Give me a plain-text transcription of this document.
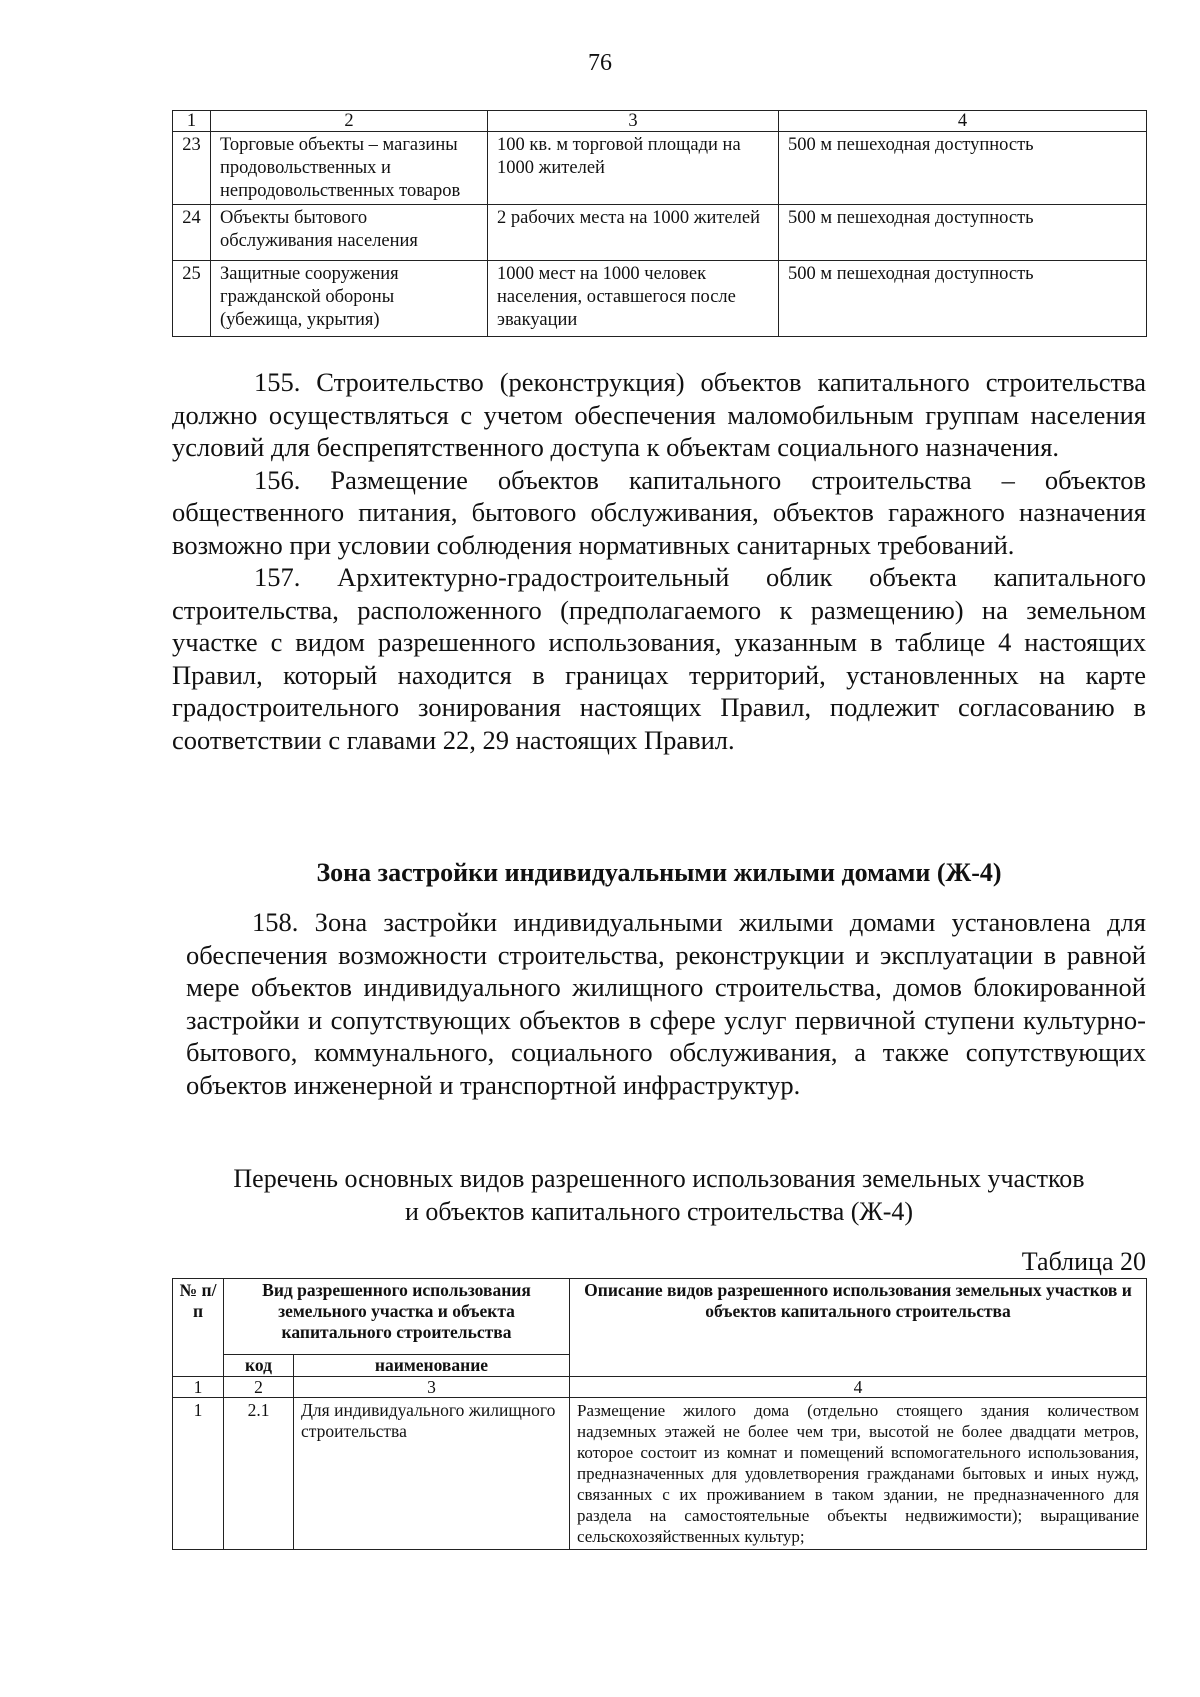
76
1	2	3	4
23	Торговые объекты – магазины продовольственных и непродовольственных товаров	100 кв. м торговой площади на 1000 жителей	500 м пешеходная доступность
24	Объекты бытового обслуживания населения	2 рабочих места на 1000 жителей	500 м пешеходная доступность
25	Защитные сооружения гражданской обороны (убежища, укрытия)	1000 мест на 1000 человек населения, оставшегося после эвакуации	500 м пешеходная доступность

155. Строительство (реконструкция) объектов капитального строительства должно осуществляться с учетом обеспечения маломобильным группам населения условий для беспрепятственного доступа к объектам социального назначения.

156. Размещение объектов капитального строительства – объектов общественного питания, бытового обслуживания, объектов гаражного назначения возможно при условии соблюдения нормативных санитарных требований.

157. Архитектурно-градостроительный облик объекта капитального строительства, расположенного (предполагаемого к размещению) на земельном участке с видом разрешенного использования, указанным в таблице 4 настоящих Правил, который находится в границах территорий, установленных на карте градостроительного зонирования настоящих Правил, подлежит согласованию в соответствии с главами 22, 29 настоящих Правил.

Зона застройки индивидуальными жилыми домами (Ж-4)

158. Зона застройки индивидуальными жилыми домами установлена для обеспечения возможности строительства, реконструкции и эксплуатации в равной мере объектов индивидуального жилищного строительства, домов блокированной застройки и сопутствующих объектов в сфере услуг первичной ступени культурно-бытового, коммунального, социального обслуживания, а также сопутствующих объектов инженерной и транспортной инфраструктур.

Перечень основных видов разрешенного использования земельных участков
и объектов капитального строительства (Ж-4)
Таблица 20
№ п/п	Вид разрешенного использования земельного участка и объекта капитального строительства		Описание видов разрешенного использования земельных участков и объектов капитального строительства
	код	наименование	
1	2	3	4
1	2.1	Для индивидуального жилищного строительства	Размещение жилого дома (отдельно стоящего здания количеством надземных этажей не более чем три, высотой не более двадцати метров, которое состоит из комнат и помещений вспомогательного использования, предназначенных для удовлетворения гражданами бытовых и иных нужд, связанных с их проживанием в таком здании, не предназначенного для раздела на самостоятельные объекты недвижимости); выращивание сельскохозяйственных культур;
